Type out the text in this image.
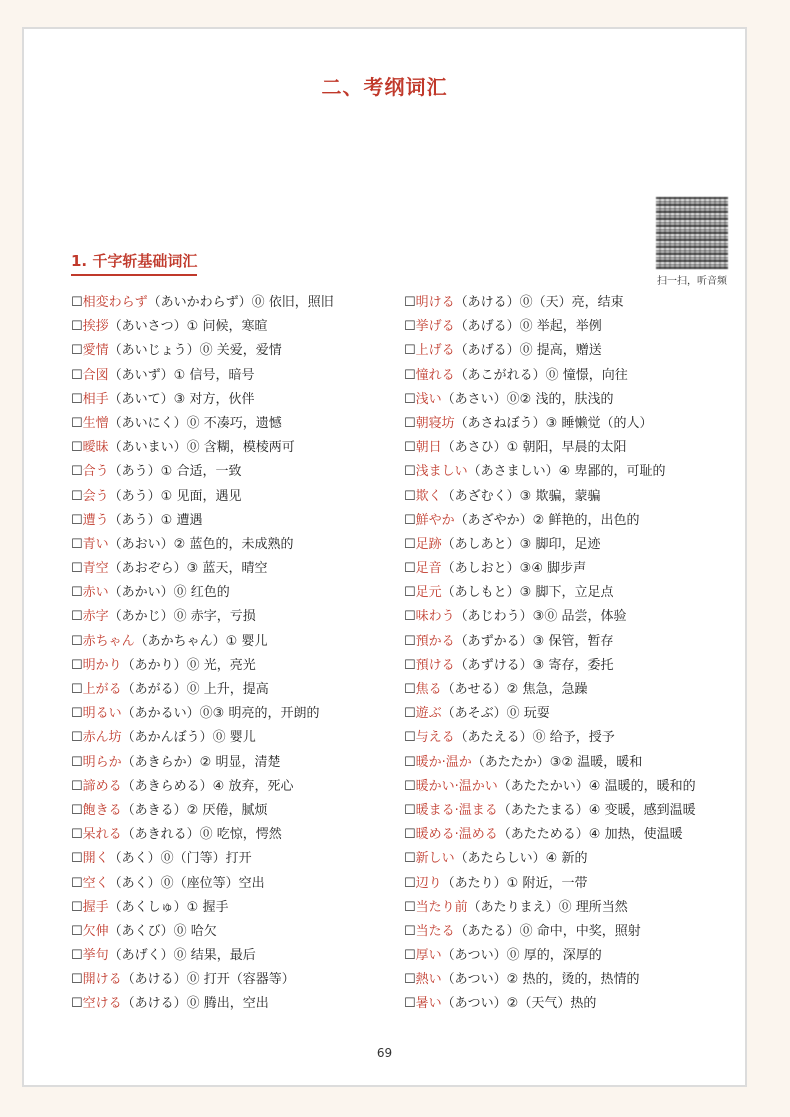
二、考纲词汇
扫一扫，听音频
1. 千字斩基础词汇
☐相変わらず（あいかわらず）⓪ 依旧，照旧
☐挨拶（あいさつ）① 问候，寒暄
☐愛情（あいじょう）⓪ 关爱，爱情
☐合図（あいず）① 信号，暗号
☐相手（あいて）③ 对方，伙伴
☐生憎（あいにく）⓪ 不凑巧，遗憾
☐曖昧（あいまい）⓪ 含糊，模棱两可
☐合う（あう）① 合适，一致
☐会う（あう）① 见面，遇见
☐遭う（あう）① 遭遇
☐青い（あおい）② 蓝色的，未成熟的
☐青空（あおぞら）③ 蓝天，晴空
☐赤い（あかい）⓪ 红色的
☐赤字（あかじ）⓪ 赤字，亏损
☐赤ちゃん（あかちゃん）① 婴儿
☐明かり（あかり）⓪ 光，亮光
☐上がる（あがる）⓪ 上升，提高
☐明るい（あかるい）⓪③ 明亮的，开朗的
☐赤ん坊（あかんぼう）⓪ 婴儿
☐明らか（あきらか）② 明显，清楚
☐諦める（あきらめる）④ 放弃，死心
☐飽きる（あきる）② 厌倦，腻烦
☐呆れる（あきれる）⓪ 吃惊，愕然
☐開く（あく）⓪（门等）打开
☐空く（あく）⓪（座位等）空出
☐握手（あくしゅ）① 握手
☐欠伸（あくび）⓪ 哈欠
☐挙句（あげく）⓪ 结果，最后
☐開ける（あける）⓪ 打开（容器等）
☐空ける（あける）⓪ 腾出，空出
☐明ける（あける）⓪（天）亮，结束
☐挙げる（あげる）⓪ 举起，举例
☐上げる（あげる）⓪ 提高，赠送
☐憧れる（あこがれる）⓪ 憧憬，向往
☐浅い（あさい）⓪② 浅的，肤浅的
☐朝寝坊（あさねぼう）③ 睡懒觉（的人）
☐朝日（あさひ）① 朝阳，早晨的太阳
☐浅ましい（あさましい）④ 卑鄙的，可耻的
☐欺く（あざむく）③ 欺骗，蒙骗
☐鮮やか（あざやか）② 鲜艳的，出色的
☐足跡（あしあと）③ 脚印，足迹
☐足音（あしおと）③④ 脚步声
☐足元（あしもと）③ 脚下，立足点
☐味わう（あじわう）③⓪ 品尝，体验
☐預かる（あずかる）③ 保管，暂存
☐預ける（あずける）③ 寄存，委托
☐焦る（あせる）② 焦急，急躁
☐遊ぶ（あそぶ）⓪ 玩耍
☐与える（あたえる）⓪ 给予，授予
☐暖か·温か（あたたか）③② 温暖，暖和
☐暖かい·温かい（あたたかい）④ 温暖的，暖和的
☐暖まる·温まる（あたたまる）④ 变暖，感到温暖
☐暖める·温める（あたためる）④ 加热，使温暖
☐新しい（あたらしい）④ 新的
☐辺り（あたり）① 附近，一带
☐当たり前（あたりまえ）⓪ 理所当然
☐当たる（あたる）⓪ 命中，中奖，照射
☐厚い（あつい）⓪ 厚的，深厚的
☐熱い（あつい）② 热的，烫的，热情的
☐暑い（あつい）②（天气）热的
69
